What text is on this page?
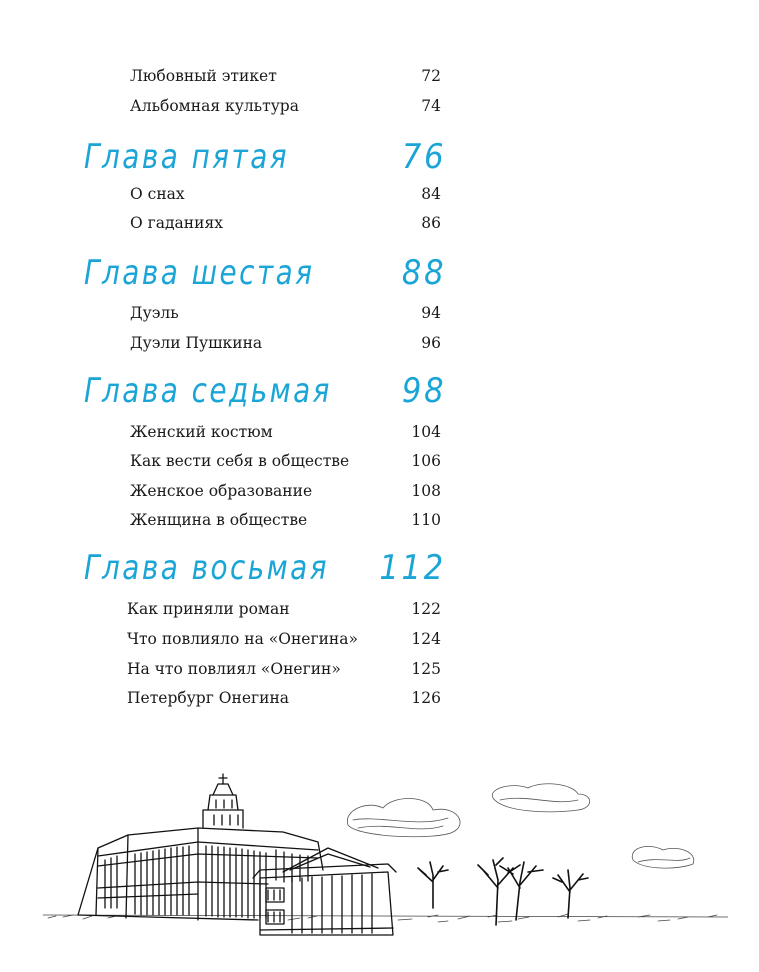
Любовный этикет	72
Альбомная культура	74
Глава пятая	76
О снах	84
О гаданиях	86
Глава шестая	88
Дуэль	94
Дуэли Пушкина	96
Глава седьмая 98
Женский костюм	104
Как вести себя в обществе	106
Женское образование	108
Женщина в обществе	110
Глава восьмая 112
Как приняли роман	122
Что повлияло на «Онегина»	124
На что повлиял «Онегин»	125
Петербург Онегина	126
